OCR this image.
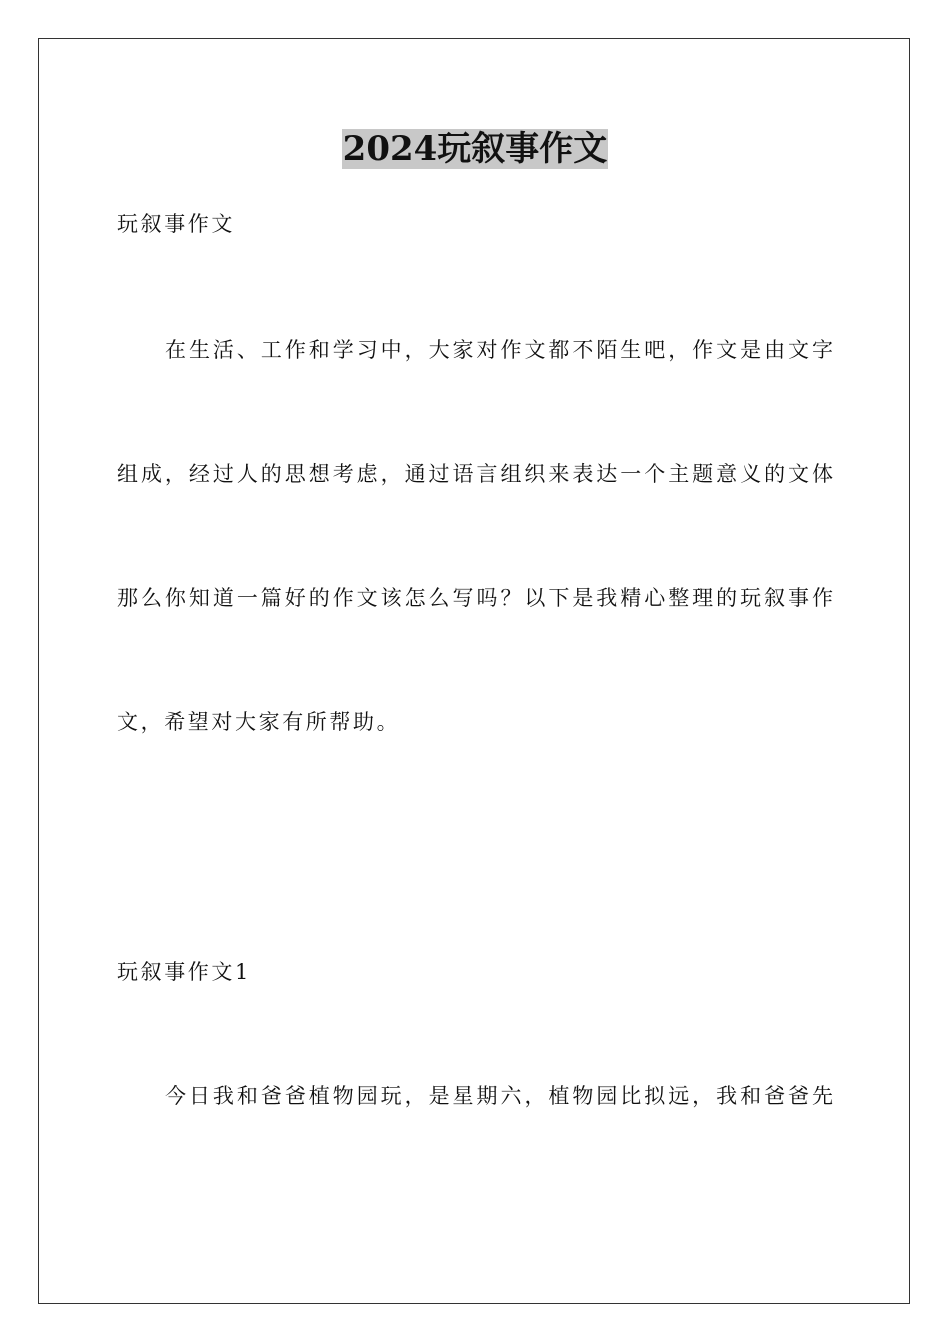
2024玩叙事作文

玩叙事作文

在生活、工作和学习中，大家对作文都不陌生吧，作文是由文字

组成，经过人的思想考虑，通过语言组织来表达一个主题意义的文体

那么你知道一篇好的作文该怎么写吗？以下是我精心整理的玩叙事作

文，希望对大家有所帮助。

玩叙事作文1

今日我和爸爸植物园玩，是星期六，植物园比拟远，我和爸爸先
